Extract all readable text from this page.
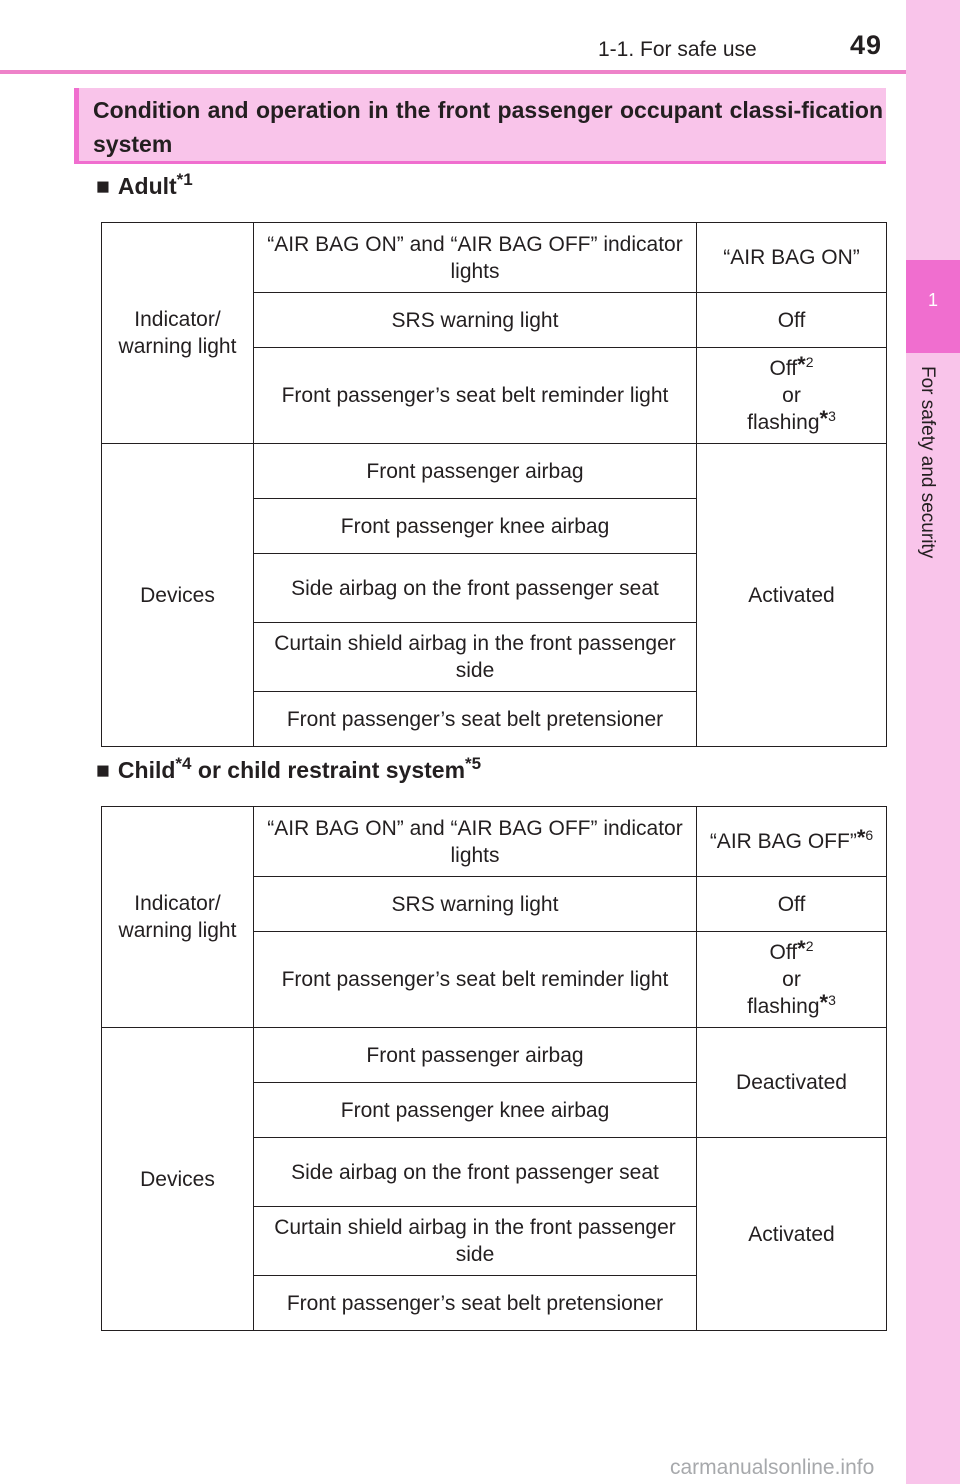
1-1. For safe use	49
1
For safety and security
Condition and operation in the front passenger occupant classi-fication system
■ Adult$^{*1}$
Indicator/ warning light	“AIR BAG ON” and “AIR BAG OFF” indicator lights	“AIR BAG ON”
	SRS warning light	Off
	Front passenger’s seat belt reminder light	Off$^{*2}$
or
flashing$^{*3}$
Devices	Front passenger airbag	Activated
	Front passenger knee airbag	
	Side airbag on the front passenger seat	
	Curtain shield airbag in the front passenger side	
	Front passenger’s seat belt pretensioner	
■ Child$^{*4}$ or child restraint system$^{*5}$
Indicator/ warning light	“AIR BAG ON” and “AIR BAG OFF” indicator lights	“AIR BAG OFF”$^{*6}$
	SRS warning light	Off
	Front passenger’s seat belt reminder light	Off$^{*2}$
or
flashing$^{*3}$
Devices	Front passenger airbag	Deactivated
	Front passenger knee airbag	
	Side airbag on the front passenger seat	Activated
	Curtain shield airbag in the front passenger side	
	Front passenger’s seat belt pretensioner	
carmanualsonline.info
